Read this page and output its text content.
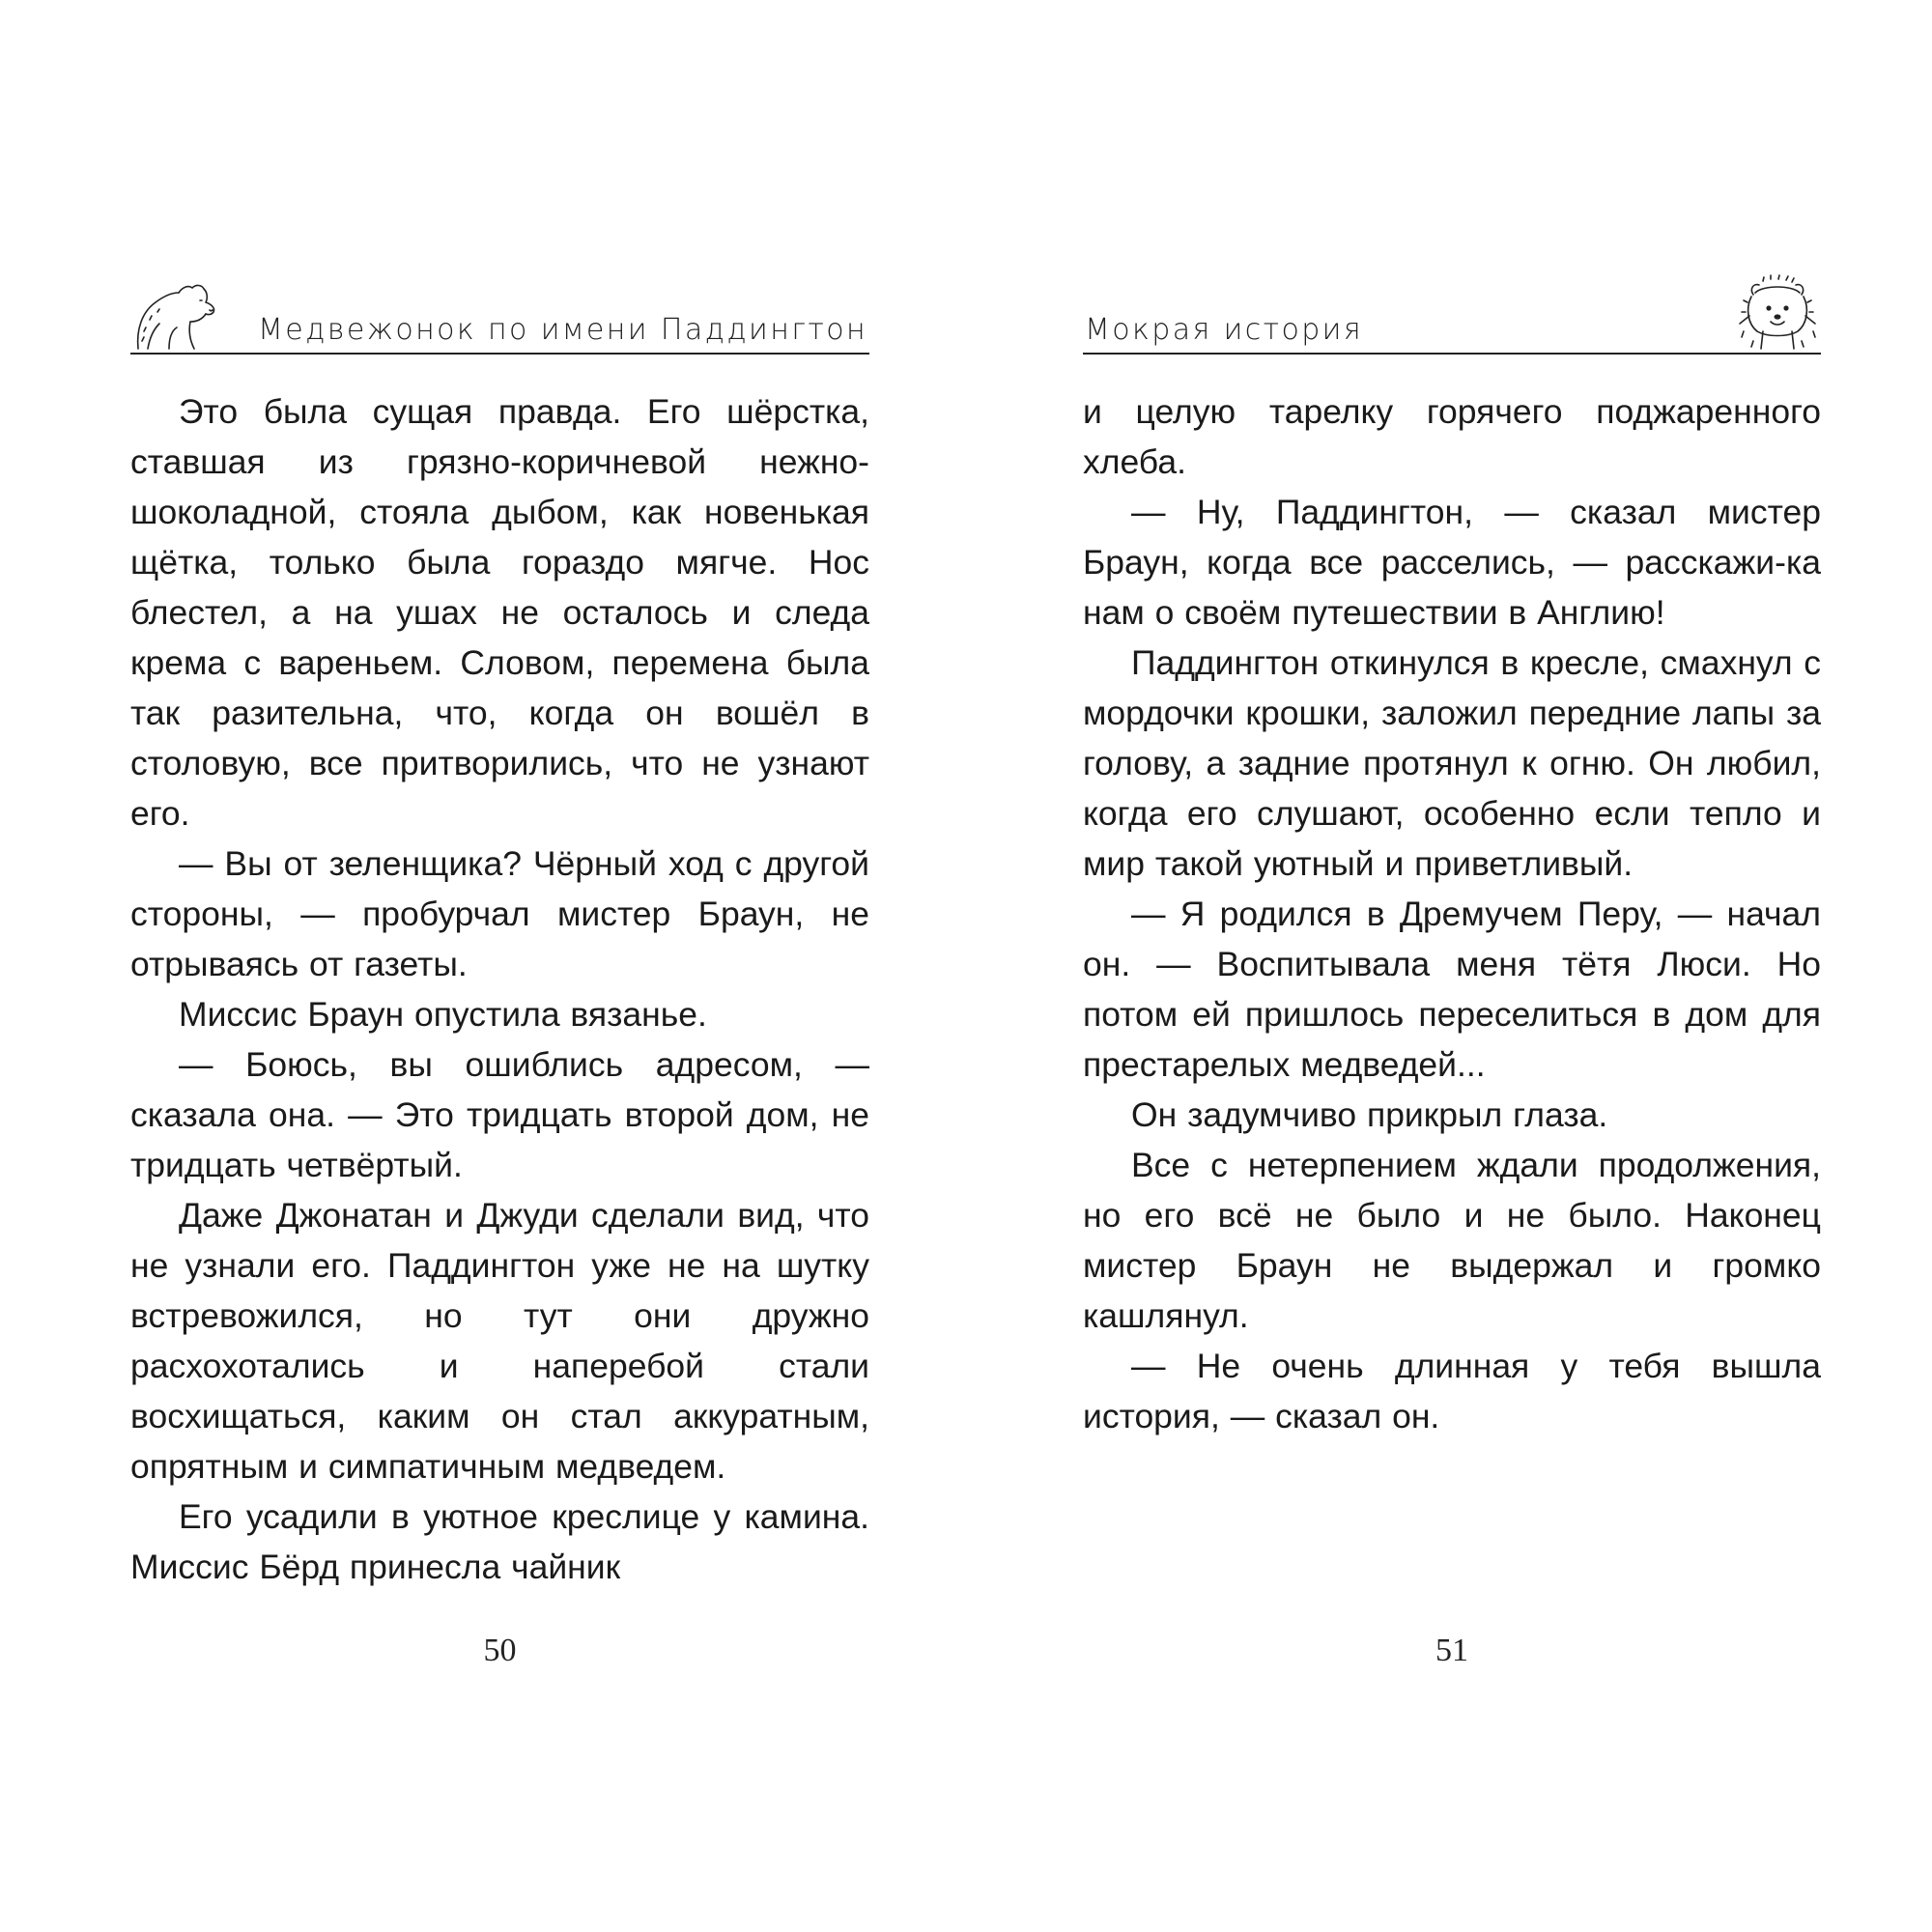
Медвежонок по имени Паддингтон

Это была сущая правда. Его шёрстка, ставшая из грязно-коричневой нежно-шоколадной, стояла дыбом, как новенькая щётка, только была гораздо мягче. Нос блестел, а на ушах не осталось и следа крема с вареньем. Словом, перемена была так разительна, что, когда он вошёл в столовую, все притворились, что не узнают его.

— Вы от зеленщика? Чёрный ход с другой стороны, — пробурчал мистер Браун, не отрываясь от газеты.

Миссис Браун опустила вязанье.

— Боюсь, вы ошиблись адресом, — сказала она. — Это тридцать второй дом, не тридцать четвёртый.

Даже Джонатан и Джуди сделали вид, что не узнали его. Паддингтон уже не на шутку встревожился, но тут они дружно расхохотались и наперебой стали восхищаться, каким он стал аккуратным, опрятным и симпатичным медведем.

Его усадили в уютное креслице у камина. Миссис Бёрд принесла чайник

50
Мокрая история

и целую тарелку горячего поджаренного хлеба.

— Ну, Паддингтон, — сказал мистер Браун, когда все расселись, — расскажи-ка нам о своём путешествии в Англию!

Паддингтон откинулся в кресле, смахнул с мордочки крошки, заложил передние лапы за голову, а задние протянул к огню. Он любил, когда его слушают, особенно если тепло и мир такой уютный и приветливый.

— Я родился в Дремучем Перу, — начал он. — Воспитывала меня тётя Люси. Но потом ей пришлось переселиться в дом для престарелых медведей...

Он задумчиво прикрыл глаза.

Все с нетерпением ждали продолжения, но его всё не было и не было. Наконец мистер Браун не выдержал и громко кашлянул.

— Не очень длинная у тебя вышла история, — сказал он.

51
